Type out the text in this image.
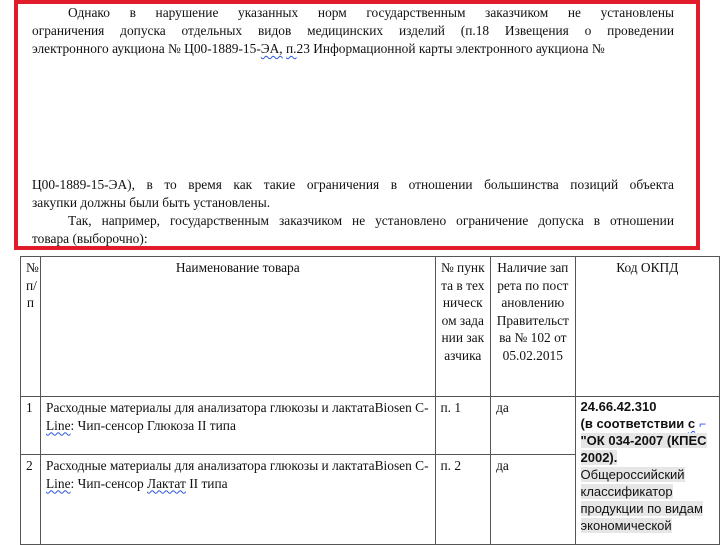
Однако в нарушение указанных норм государственным заказчиком не установлены
ограничения допуска отдельных видов медицинских изделий (п.18 Извещения о проведении
электронного аукциона № Ц00-1889-15-ЭА, п.23 Информационной карты электронного аукциона №
Ц00-1889-15-ЭА), в то время как такие ограничения в отношении большинства позиций объекта
закупки должны были быть установлены.
Так, например, государственным заказчиком не установлено ограничение допуска в отношении
товара (выборочно):
№ п/п	Наименование товара	№ пункта в техническом задании заказчика	Наличие запрета по постановлению Правительства № 102 от 05.02.2015	Код ОКПД
1	Расходные материалы для анализатора глюкозы и лактатаBiosen C-Line: Чип-сенсор Глюкоза II типа	п. 1	да	24.66.42.310
(в соответствии с ⌐ "ОК 034-2007 (КПЕС 2002).
Общероссийский классификатор продукции по видам экономической
2	Расходные материалы для анализатора глюкозы и лактатаBiosen C-Line: Чип-сенсор Лактат II типа	п. 2	да	
